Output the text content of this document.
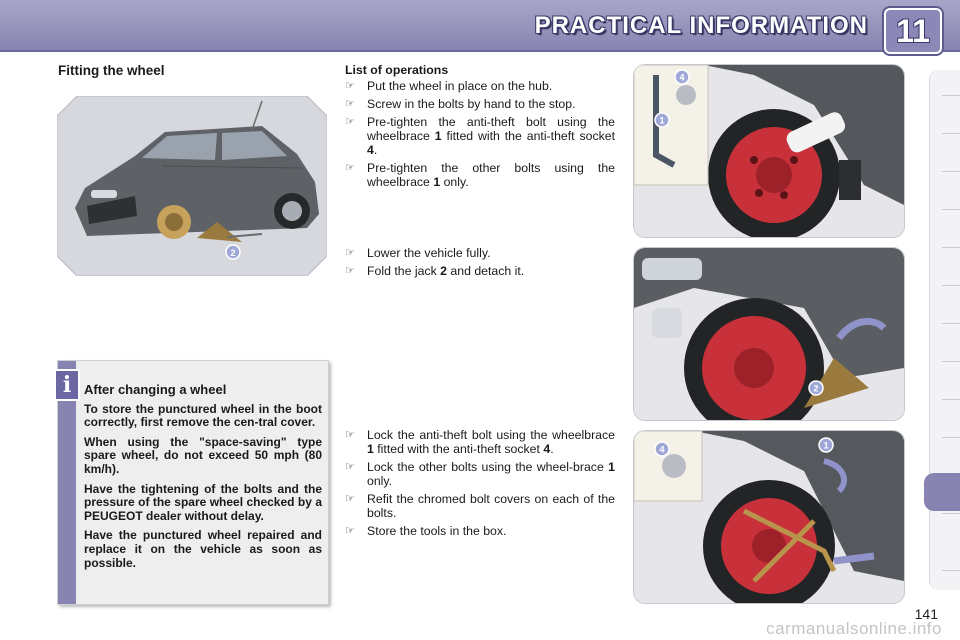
PRACTICAL INFORMATION 11
Fitting the wheel
2
i After changing a wheel

To store the punctured wheel in the boot correctly, first remove the cen-tral cover.

When using the "space-saving" type spare wheel, do not exceed 50 mph (80 km/h).

Have the tightening of the bolts and the pressure of the spare wheel checked by a PEUGEOT dealer without delay.

Have the punctured wheel repaired and replace it on the vehicle as soon as possible.

List of operations
☞ Put the wheel in place on the hub.
☞ Screw in the bolts by hand to the stop.
☞ Pre-tighten the anti-theft bolt using the wheelbrace 1 fitted with the anti-theft socket 4.
☞ Pre-tighten the other bolts using the wheelbrace 1 only.
☞ Lower the vehicle fully.
☞ Fold the jack 2 and detach it.
☞ Lock the anti-theft bolt using the wheelbrace 1 fitted with the anti-theft socket 4.
☞ Lock the other bolts using the wheel-brace 1 only.
☞ Refit the chromed bolt covers on each of the bolts.
☞ Store the tools in the box.
4
1
2
4	1
141
carmanualsonline.info
